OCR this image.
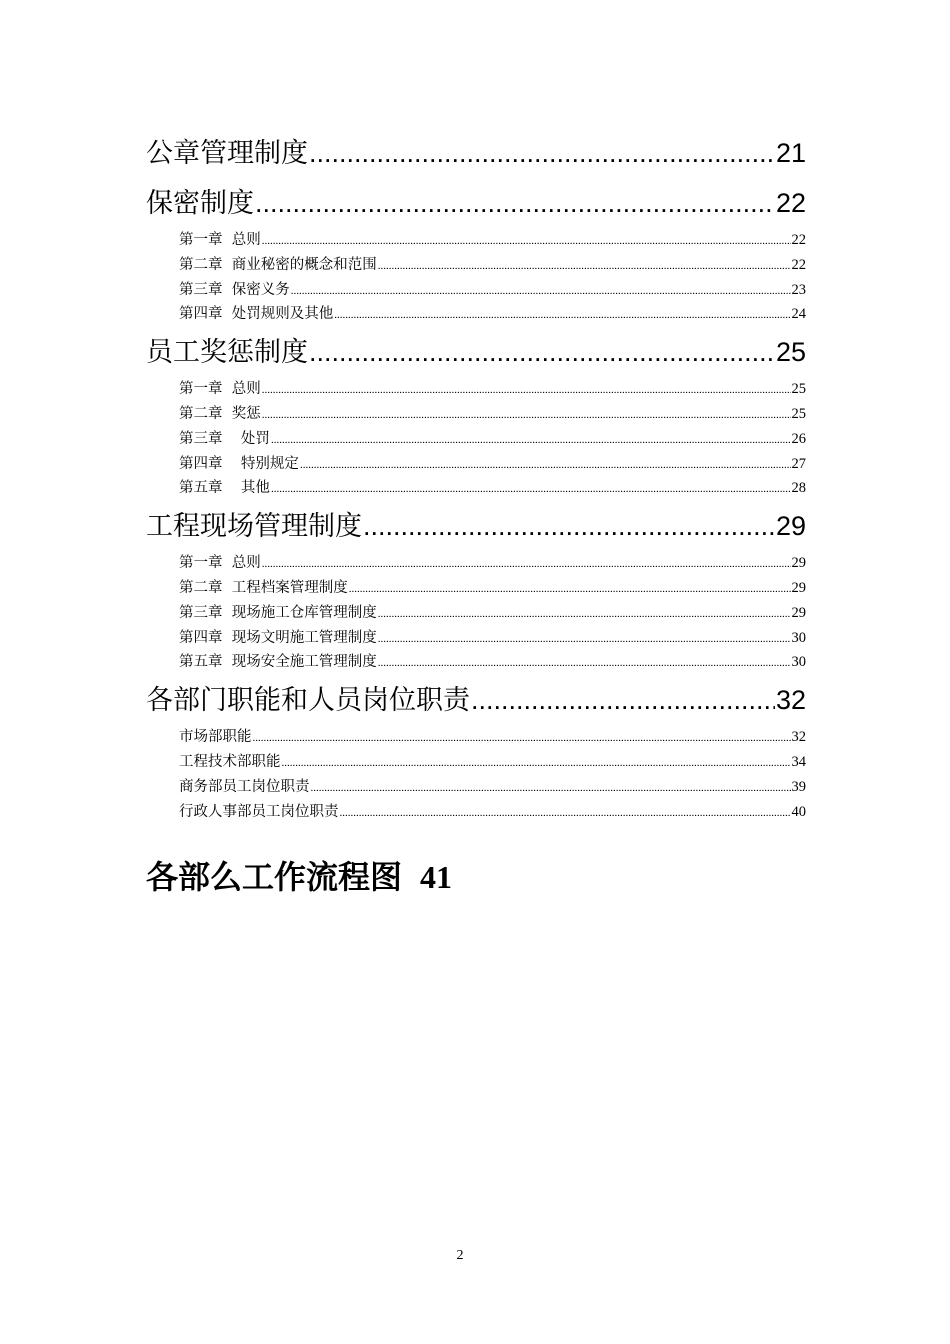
公章管理制度 .....	21
保密制度 .....	22
第一章  总则 .....	22
第二章  商业秘密的概念和范围 .....	22
第三章  保密义务 .....	23
第四章  处罚规则及其他 .....	24
员工奖惩制度 .....	25
第一章  总则 .....	25
第二章  奖惩 .....	25
第三章    处罚 .....	26
第四章    特别规定 .....	27
第五章    其他 .....	28
工程现场管理制度 .....	29
第一章  总则 .....	29
第二章  工程档案管理制度 .....	29
第三章  现场施工仓库管理制度 .....	29
第四章  现场文明施工管理制度 .....	30
第五章  现场安全施工管理制度 .....	30
各部门职能和人员岗位职责 .....	32
市场部职能 .....	32
工程技术部职能 .....	34
商务部员工岗位职责 .....	39
行政人事部员工岗位职责 .....	40
各部么工作流程图 41
2
